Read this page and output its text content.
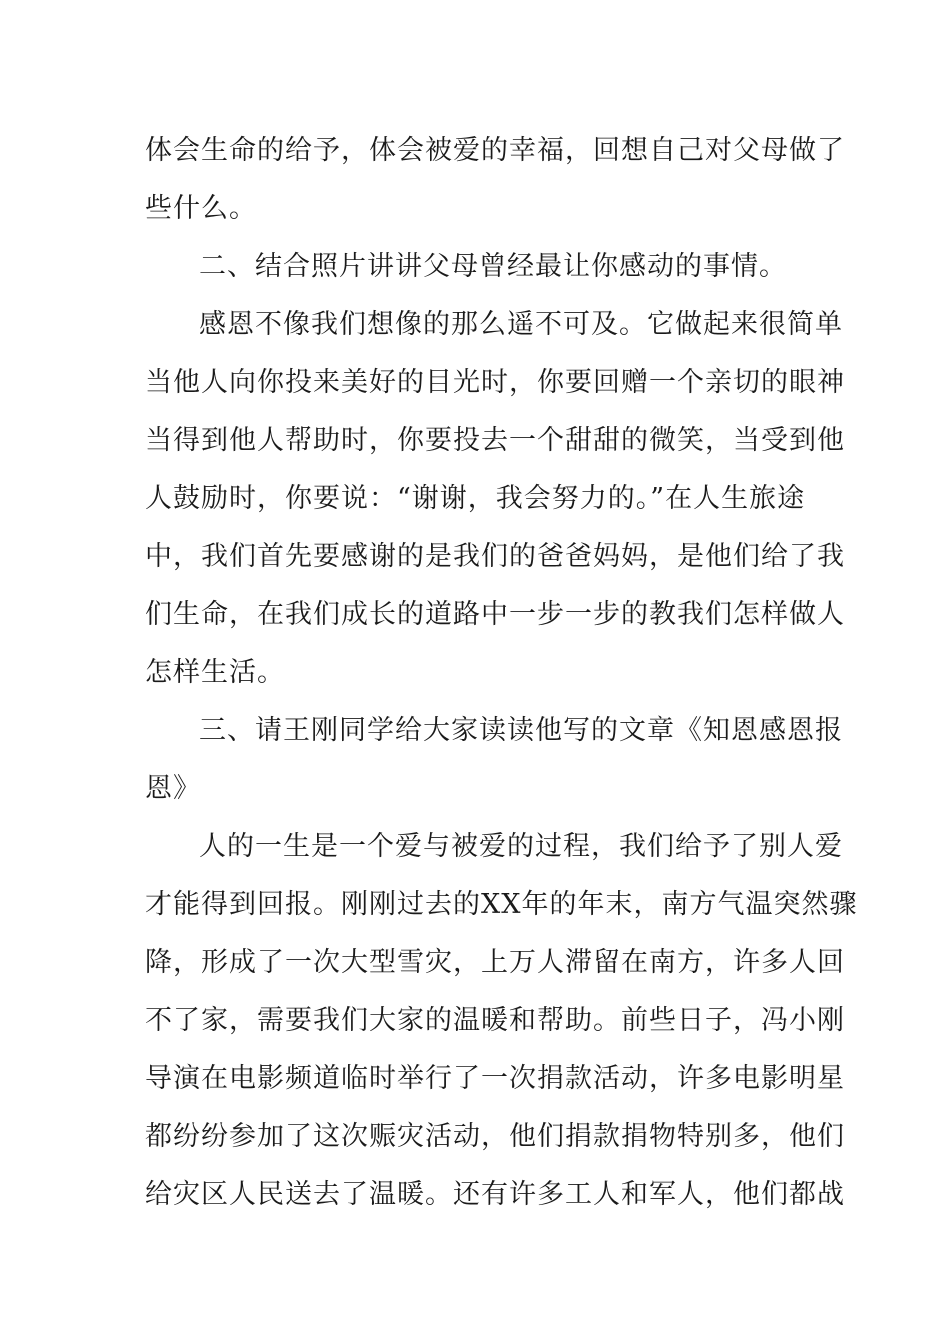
体会生命的给予，体会被爱的幸福，回想自己对父母做了
些什么。
二、结合照片讲讲父母曾经最让你感动的事情。
感恩不像我们想像的那么遥不可及。它做起来很简单
当他人向你投来美好的目光时，你要回赠一个亲切的眼神
当得到他人帮助时，你要投去一个甜甜的微笑，当受到他
人鼓励时，你要说：“谢谢，我会努力的。”在人生旅途
中，我们首先要感谢的是我们的爸爸妈妈，是他们给了我
们生命，在我们成长的道路中一步一步的教我们怎样做人
怎样生活。
三、请王刚同学给大家读读他写的文章《知恩感恩报
恩》
人的一生是一个爱与被爱的过程，我们给予了别人爱
才能得到回报。刚刚过去的XX年的年末，南方气温突然骤
降，形成了一次大型雪灾，上万人滞留在南方，许多人回
不了家，需要我们大家的温暖和帮助。前些日子，冯小刚
导演在电影频道临时举行了一次捐款活动，许多电影明星
都纷纷参加了这次赈灾活动，他们捐款捐物特别多，他们
给灾区人民送去了温暖。还有许多工人和军人，他们都战
